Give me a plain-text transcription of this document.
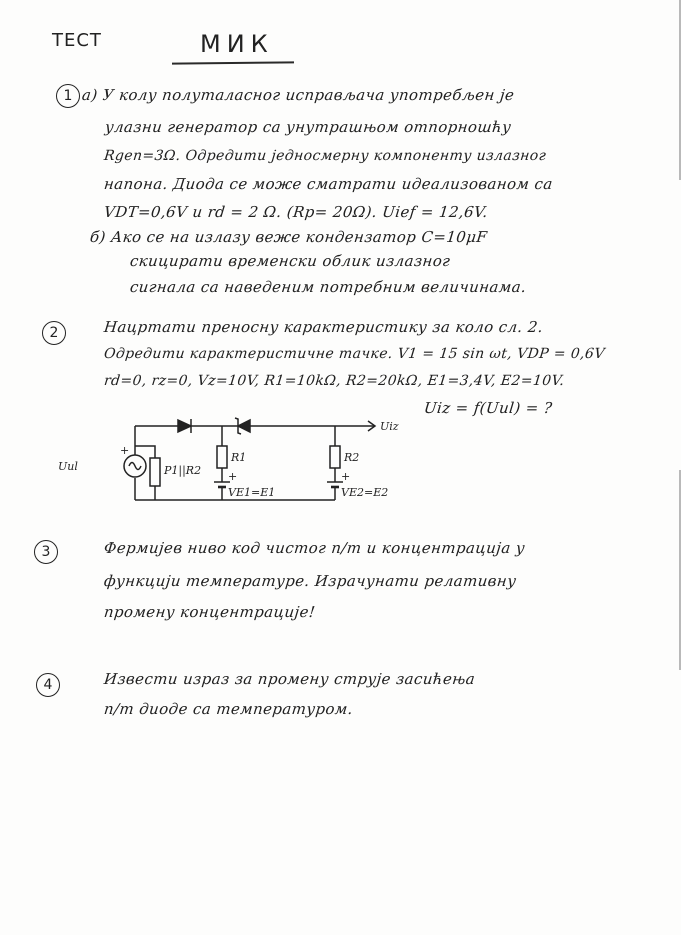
ТЕСТ	МИК
1 а) У колу полуталасног исправљача употребљен је
улазни генератор са унутрашњом отпорношћу
Rgen=3Ω. Одредити једносмерну компоненту излазног
напона. Диода се може сматрати идеализованом са
VDT=0,6V и rd = 2 Ω. (Rp= 20Ω). Uief = 12,6V.
б) Ако се на излазу веже кондензатор C=10μF
скицирати временски облик излазног
сигнала са наведеним потребним величинама.
2	Нацртати преносну карактеристику за коло сл. 2.
Одредити карактеристичне тачке. V1 = 15 sin ωt, VDP = 0,6V
rd=0, rz=0, Vz=10V, R1=10kΩ, R2=20kΩ, E1=3,4V, E2=10V.
Uiz = f(Uul) = ?
Uul
+
P1||R2
R1	R2
+	+
VE1=E1	VE2=E2
Uiz
3	Фермијев ниво код чистог п/т и концентрација у
функцији температуре. Израчунати релативну
промену концентрације!
4	Извести израз за промену струје засићења
п/т диоде са температуром.
